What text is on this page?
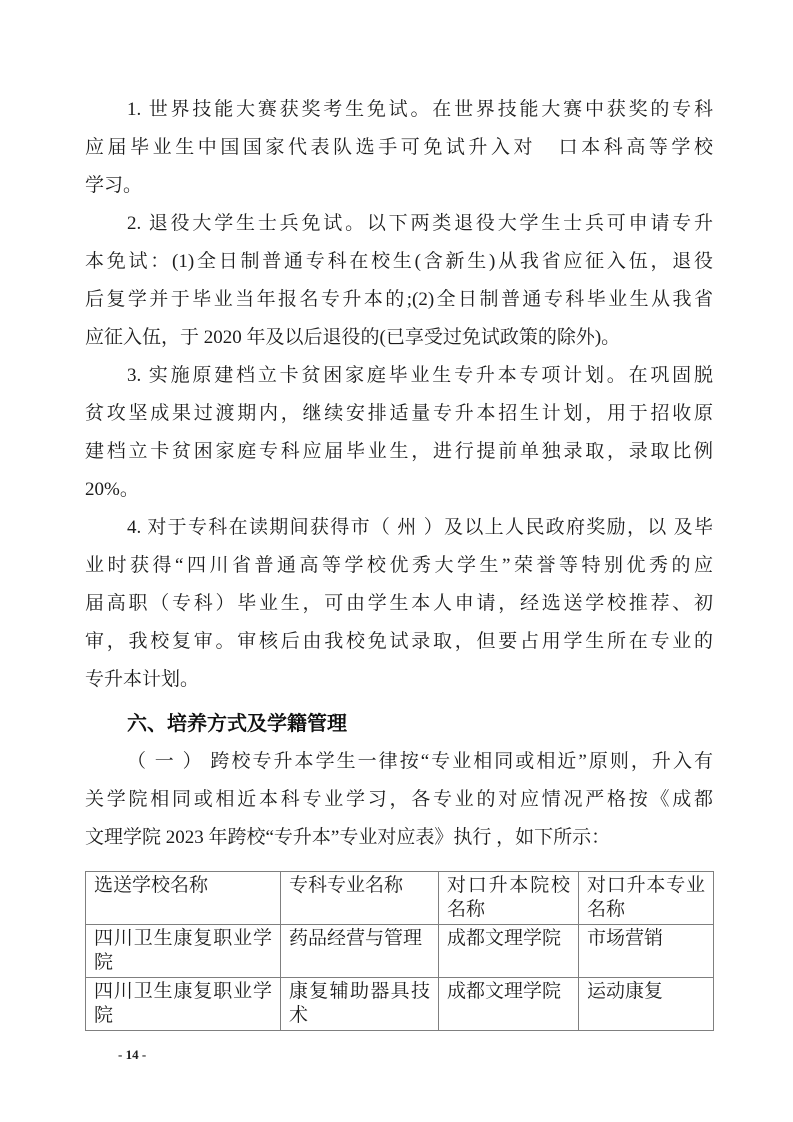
1. 世界技能大赛获奖考生免试。在世界技能大赛中获奖的专科
应届毕业生中国国家代表队选手可免试升入对　口本科高等学校
学习。
2. 退役大学生士兵免试。以下两类退役大学生士兵可申请专升
本免试：(1)全日制普通专科在校生(含新生)从我省应征入伍，退役
后复学并于毕业当年报名专升本的;(2)全日制普通专科毕业生从我省
应征入伍，于 2020 年及以后退役的(已享受过免试政策的除外)。
3. 实施原建档立卡贫困家庭毕业生专升本专项计划。在巩固脱
贫攻坚成果过渡期内，继续安排适量专升本招生计划，用于招收原
建档立卡贫困家庭专科应届毕业生，进行提前单独录取，录取比例
20%。
4. 对于专科在读期间获得市（ 州 ）及以上人民政府奖励，以 及毕
业时获得“四川省普通高等学校优秀大学生”荣誉等特别优秀的应
届高职（专科）毕业生，可由学生本人申请，经选送学校推荐、初
审，我校复审。审核后由我校免试录取，但要占用学生所在专业的
专升本计划。
六、培养方式及学籍管理
（ 一 ） 跨校专升本学生一律按“专业相同或相近”原则，升入有
关学院相同或相近本科专业学习，各专业的对应情况严格按《成都
文理学院 2023 年跨校“专升本”专业对应表》执行 ，如下所示：
选送学校名称	专科专业名称	对口升本院校名称	对口升本专业名称
四川卫生康复职业学院	药品经营与管理	成都文理学院	市场营销
四川卫生康复职业学院	康复辅助器具技术	成都文理学院	运动康复
- 14 -
